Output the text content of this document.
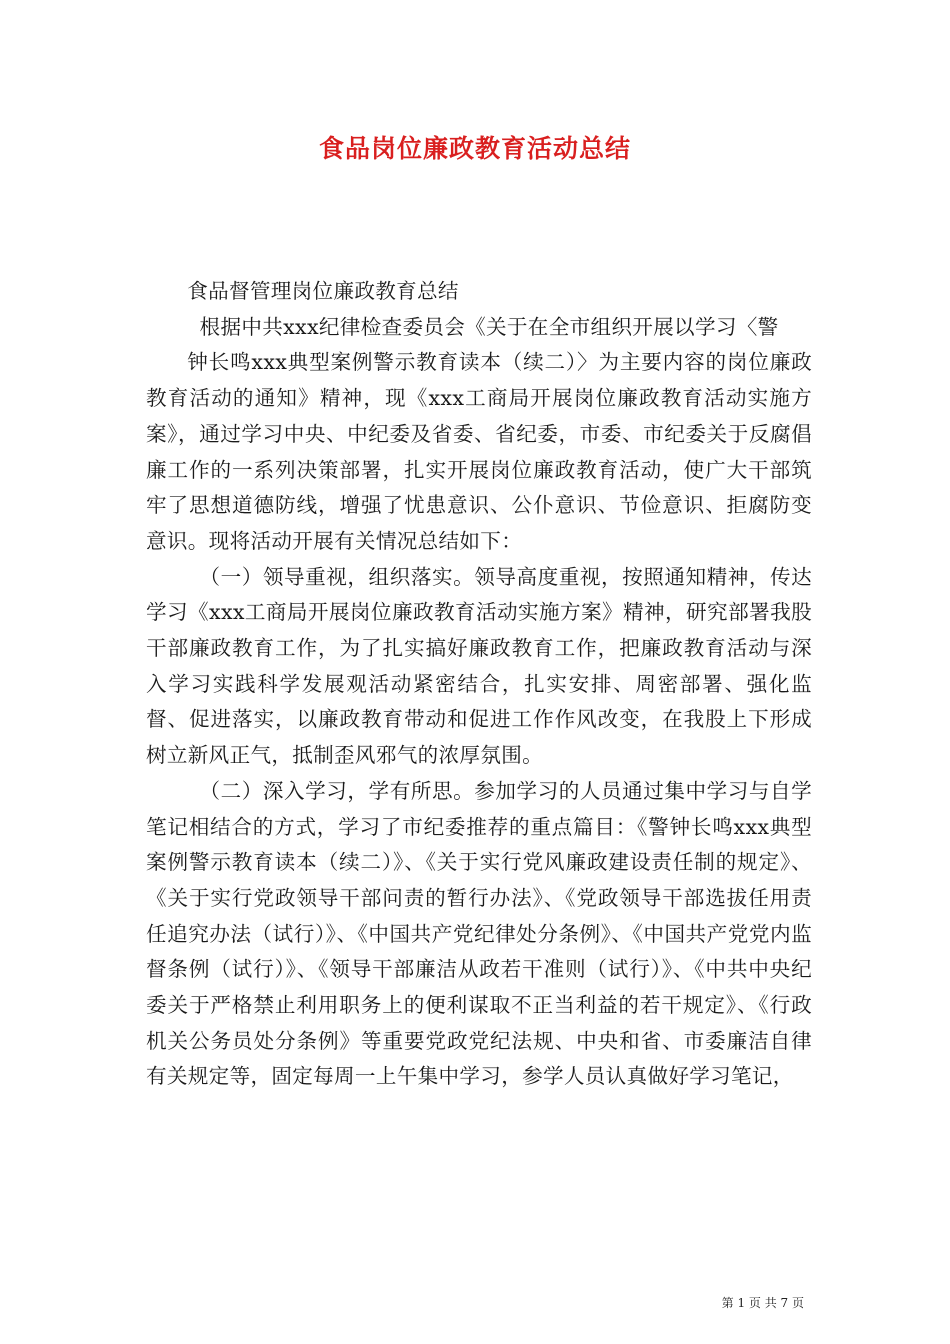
食品岗位廉政教育活动总结

食品督管理岗位廉政教育总结

根据中共xxx纪律检查委员会《关于在全市组织开展以学习〈警

钟长鸣xxx典型案例警示教育读本（续二）〉为主要内容的岗位廉政教育活动的通知》精神，现《xxx工商局开展岗位廉政教育活动实施方案》，通过学习中央、中纪委及省委、省纪委，市委、市纪委关于反腐倡廉工作的一系列决策部署，扎实开展岗位廉政教育活动，使广大干部筑牢了思想道德防线，增强了忧患意识、公仆意识、节俭意识、拒腐防变意识。现将活动开展有关情况总结如下：

（一）领导重视，组织落实。领导高度重视，按照通知精神，传达学习《xxx工商局开展岗位廉政教育活动实施方案》精神，研究部署我股干部廉政教育工作，为了扎实搞好廉政教育工作，把廉政教育活动与深入学习实践科学发展观活动紧密结合，扎实安排、周密部署、强化监督、促进落实，以廉政教育带动和促进工作作风改变，在我股上下形成树立新风正气，抵制歪风邪气的浓厚氛围。

（二）深入学习，学有所思。参加学习的人员通过集中学习与自学笔记相结合的方式，学习了市纪委推荐的重点篇目：《警钟长鸣xxx典型案例警示教育读本（续二）》、《关于实行党风廉政建设责任制的规定》、《关于实行党政领导干部问责的暂行办法》、《党政领导干部选拔任用责任追究办法（试行）》、《中国共产党纪律处分条例》、《中国共产党党内监督条例（试行）》、《领导干部廉洁从政若干准则（试行）》、《中共中央纪委关于严格禁止利用职务上的便利谋取不正当利益的若干规定》、《行政机关公务员处分条例》等重要党政党纪法规、中央和省、市委廉洁自律有关规定等，固定每周一上午集中学习，参学人员认真做好学习笔记，

第 1 页 共 7 页
